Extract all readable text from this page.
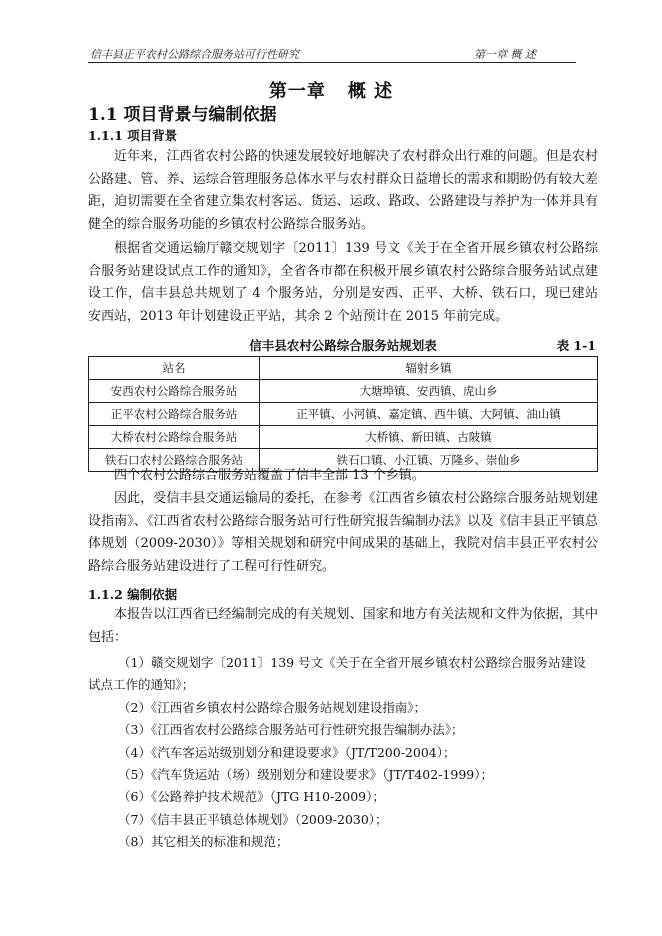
信丰县正平农村公路综合服务站可行性研究	第一章 概 述
第一章 概 述
1.1 项目背景与编制依据
1.1.1 项目背景

近年来，江西省农村公路的快速发展较好地解决了农村群众出行难的问题。但是农村公路建、管、养、运综合管理服务总体水平与农村群众日益增长的需求和期盼仍有较大差距，迫切需要在全省建立集农村客运、货运、运政、路政、公路建设与养护为一体并具有健全的综合服务功能的乡镇农村公路综合服务站。

根据省交通运输厅赣交规划字〔2011〕139 号文《关于在全省开展乡镇农村公路综合服务站建设试点工作的通知》，全省各市都在积极开展乡镇农村公路综合服务站试点建设工作，信丰县总共规划了 4 个服务站，分别是安西、正平、大桥、铁石口，现已建站安西站，2013 年计划建设正平站，其余 2 个站预计在 2015 年前完成。

信丰县农村公路综合服务站规划表	表 1-1
站名	辐射乡镇
安西农村公路综合服务站	大塘埠镇、安西镇、虎山乡
正平农村公路综合服务站	正平镇、小河镇、嘉定镇、西牛镇、大阿镇、油山镇
大桥农村公路综合服务站	大桥镇、新田镇、古陂镇
铁石口农村公路综合服务站	铁石口镇、小江镇、万隆乡、崇仙乡

四个农村公路综合服务站覆盖了信丰全部 13 个乡镇。

因此，受信丰县交通运输局的委托，在参考《江西省乡镇农村公路综合服务站规划建设指南》、《江西省农村公路综合服务站可行性研究报告编制办法》以及《信丰县正平镇总体规划（2009-2030）》等相关规划和研究中间成果的基础上，我院对信丰县正平农村公路综合服务站建设进行了工程可行性研究。

1.1.2 编制依据

本报告以江西省已经编制完成的有关规划、国家和地方有关法规和文件为依据，其中包括：

（1）赣交规划字〔2011〕139 号文《关于在全省开展乡镇农村公路综合服务站建设试点工作的通知》；
（2）《江西省乡镇农村公路综合服务站规划建设指南》；
（3）《江西省农村公路综合服务站可行性研究报告编制办法》；
（4）《汽车客运站级别划分和建设要求》（JT/T200-2004）；
（5）《汽车货运站（场）级别划分和建设要求》（JT/T402-1999）；
（6）《公路养护技术规范》（JTG H10-2009）；
（7）《信丰县正平镇总体规划》（2009-2030）；
（8）其它相关的标准和规范；
